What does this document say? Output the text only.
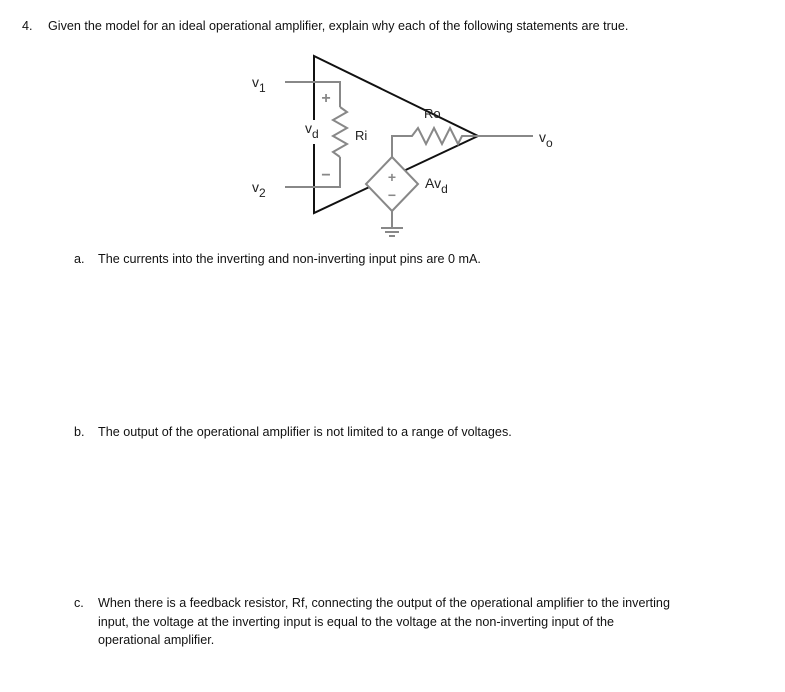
4. Given the model for an ideal operational amplifier, explain why each of the following statements are true.
+
−	+
−
v1
v2
vd	Ri
Ro
Avd
vo
a. The currents into the inverting and non-inverting input pins are 0 mA.
b. The output of the operational amplifier is not limited to a range of voltages.
c. When there is a feedback resistor, Rf, connecting the output of the operational amplifier to the inverting
input, the voltage at the inverting input is equal to the voltage at the non-inverting input of the
operational amplifier.
